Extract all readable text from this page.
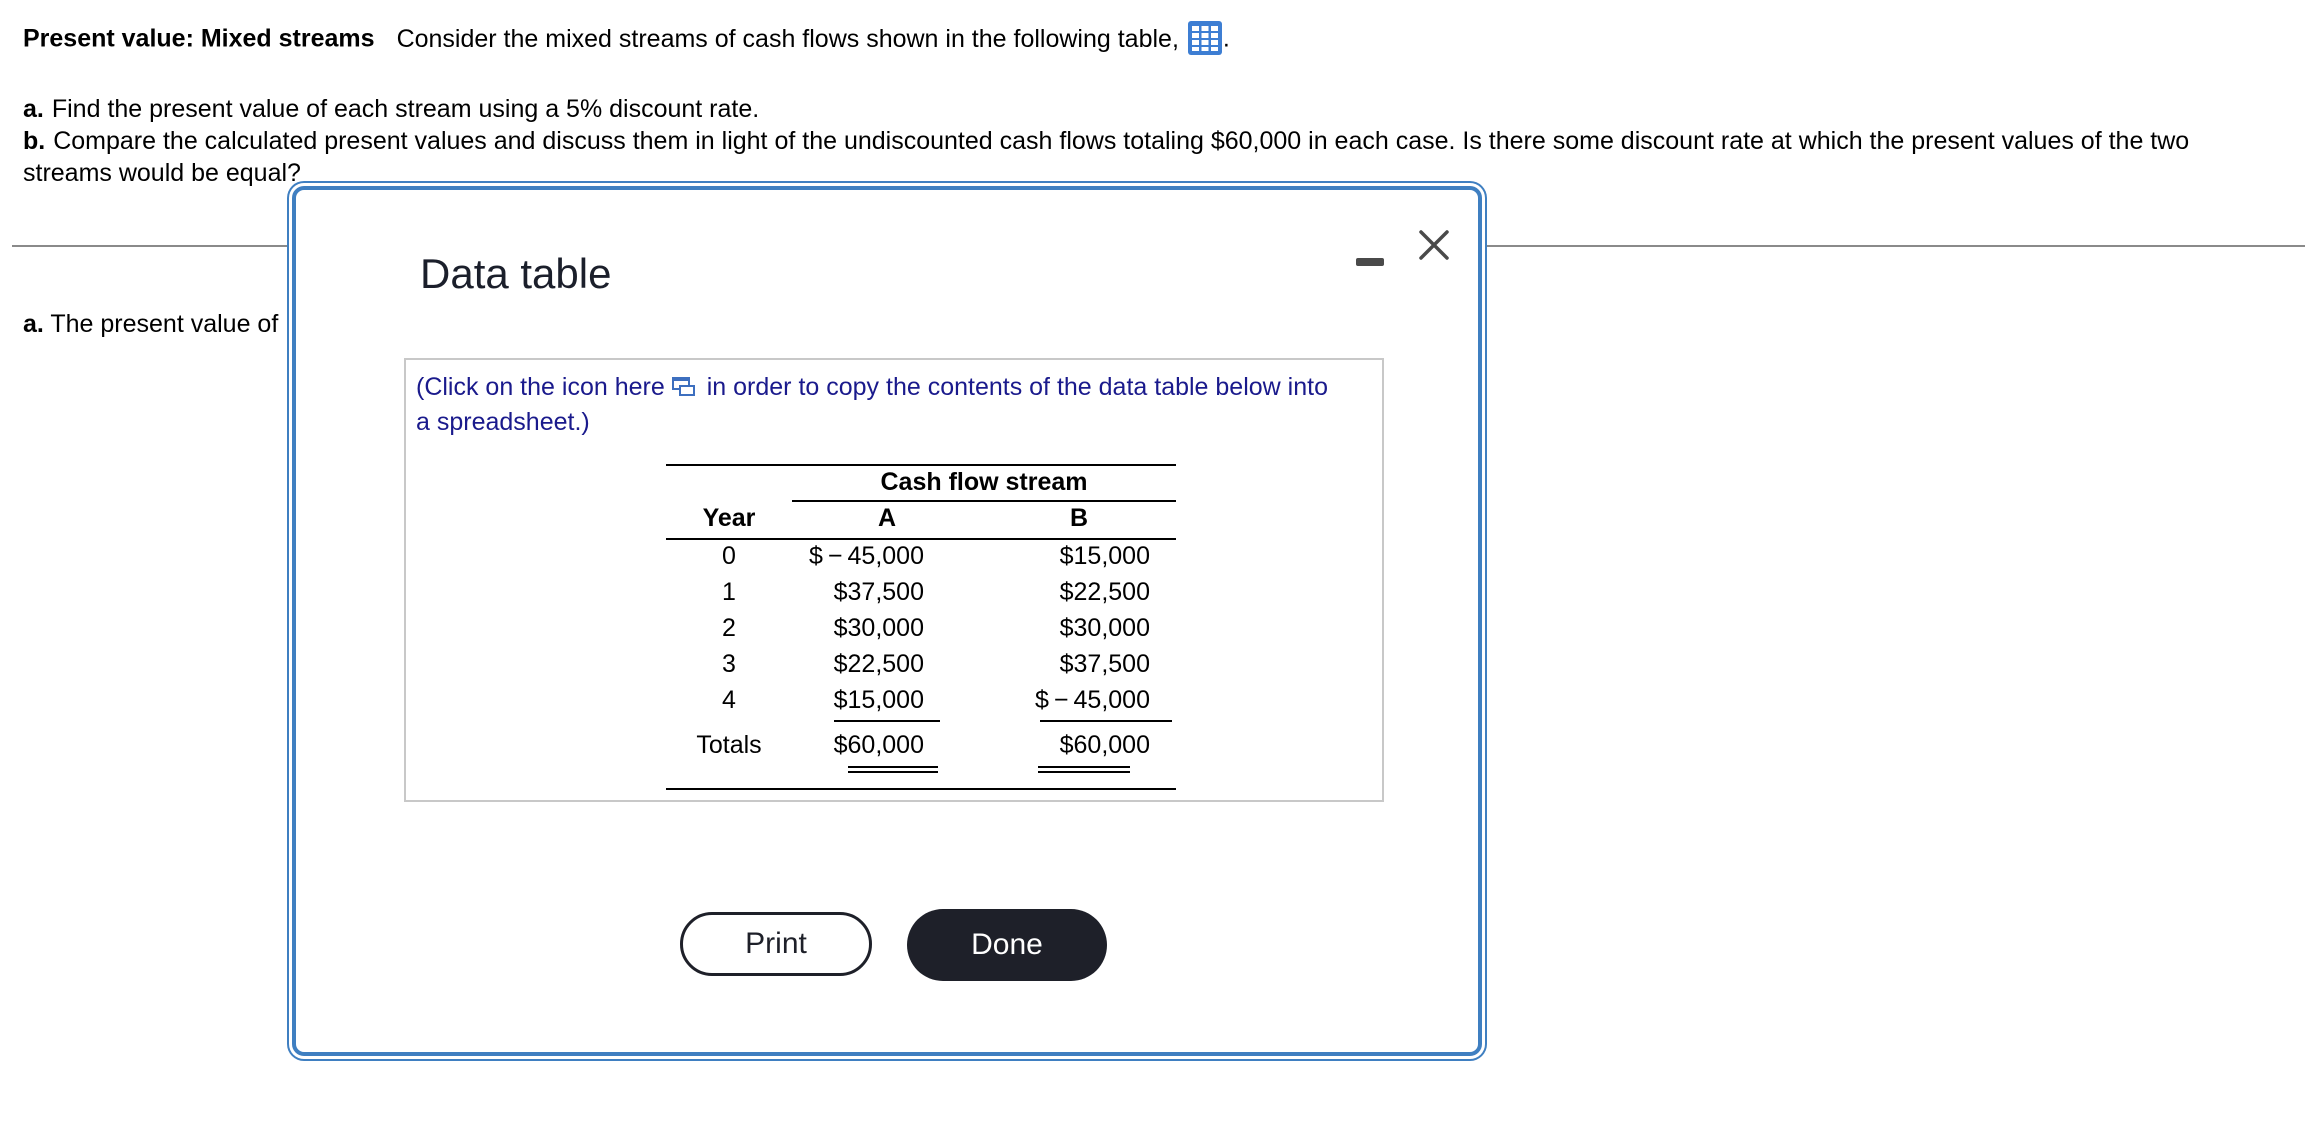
Present value: Mixed streams Consider the mixed streams of cash flows shown in the following table, .
a. Find the present value of each stream using a 5% discount rate.
b. Compare the calculated present values and discuss them in light of the undiscounted cash flows totaling $60,000 in each case. Is there some discount rate at which the present values of the two
streams would be equal?
a. The present value of
Data table
(Click on the icon here in order to copy the contents of the data table below into a spreadsheet.)
Cash flow stream
Year	A	B
0	$ − 45,000	$15,000
1	$37,500	$22,500
2	$30,000	$30,000
3	$22,500	$37,500
4	$15,000	$ − 45,000
Totals	$60,000	$60,000
Print	Done
